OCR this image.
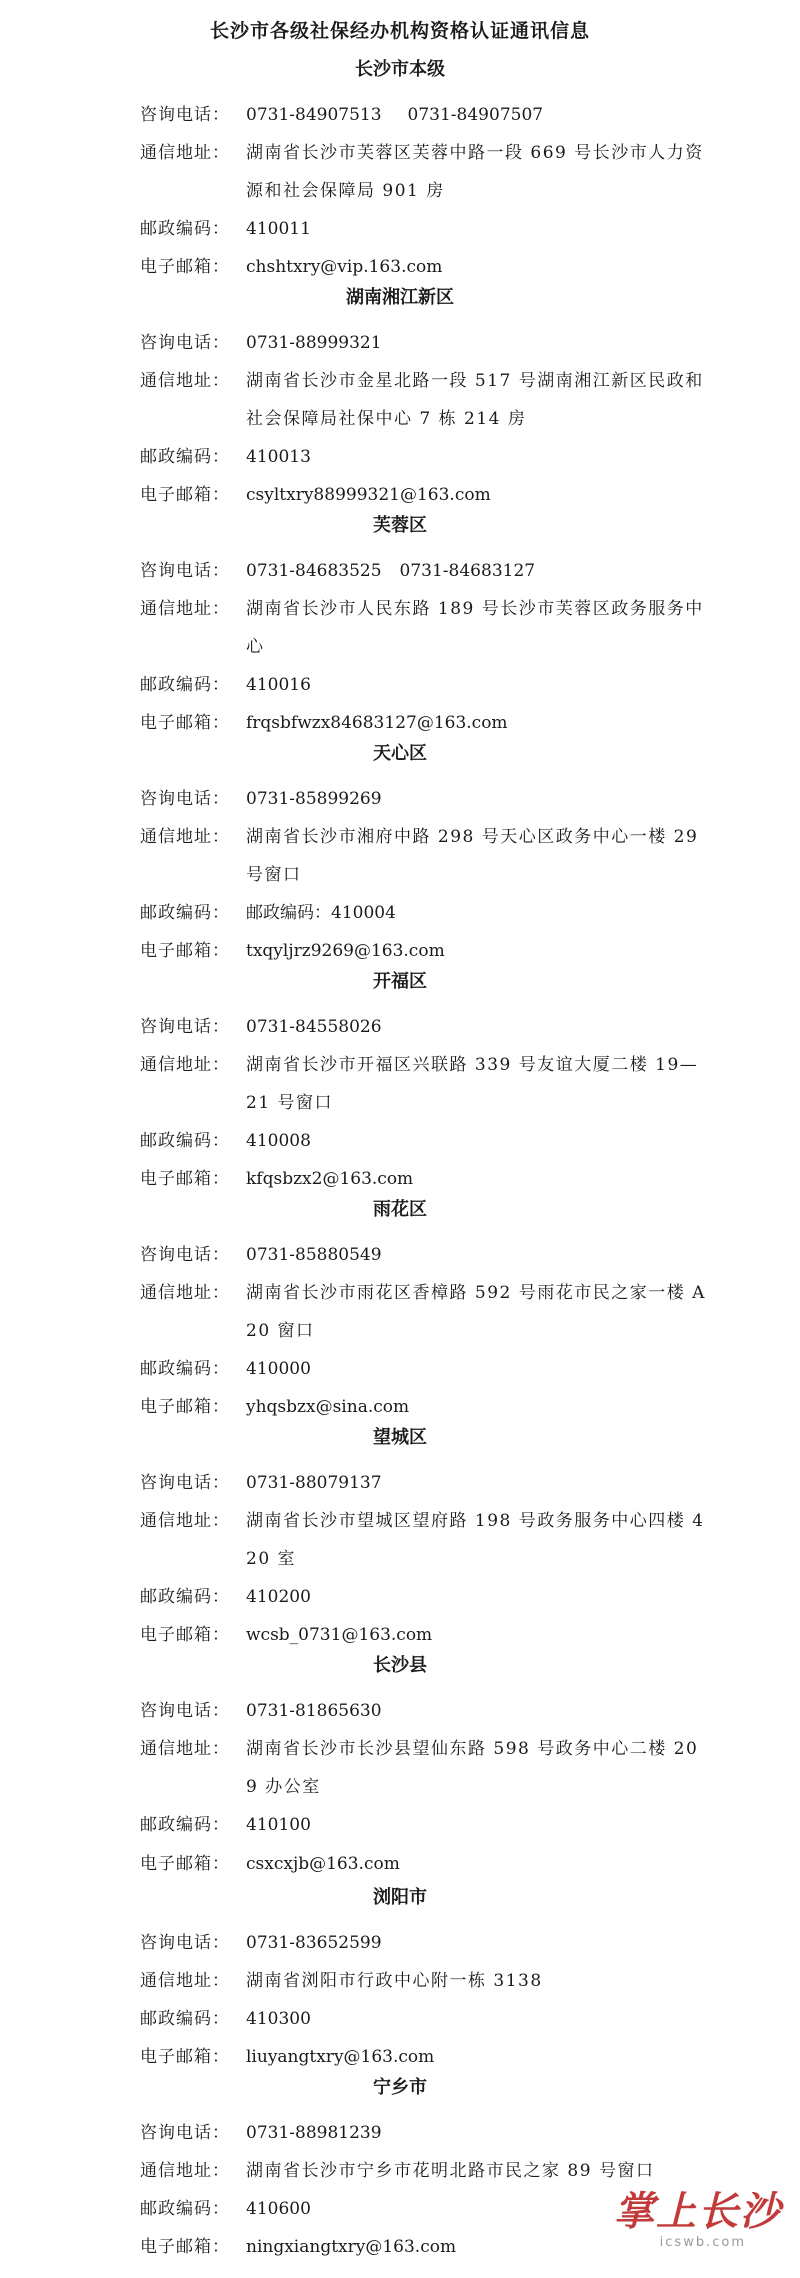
长沙市各级社保经办机构资格认证通讯信息
长沙市本级
咨询电话： 0731-84907513 0731-84907507
通信地址： 湖南省长沙市芙蓉区芙蓉中路一段 669 号长沙市人力资源和社会保障局 901 房
邮政编码： 410011
电子邮箱： chshtxry@vip.163.com
湖南湘江新区
咨询电话： 0731-88999321
通信地址： 湖南省长沙市金星北路一段 517 号湖南湘江新区民政和社会保障局社保中心 7 栋 214 房
邮政编码： 410013
电子邮箱： csyltxry88999321@163.com
芙蓉区
咨询电话： 0731-84683525 0731-84683127
通信地址： 湖南省长沙市人民东路 189 号长沙市芙蓉区政务服务中心
邮政编码： 410016
电子邮箱： frqsbfwzx84683127@163.com
天心区
咨询电话： 0731-85899269
通信地址： 湖南省长沙市湘府中路 298 号天心区政务中心一楼 29 号窗口
邮政编码： 邮政编码：410004
电子邮箱： txqyljrz9269@163.com
开福区
咨询电话： 0731-84558026
通信地址： 湖南省长沙市开福区兴联路 339 号友谊大厦二楼 19—21 号窗口
邮政编码： 410008
电子邮箱： kfqsbzx2@163.com
雨花区
咨询电话： 0731-85880549
通信地址： 湖南省长沙市雨花区香樟路 592 号雨花市民之家一楼 A20 窗口
邮政编码： 410000
电子邮箱： yhqsbzx@sina.com
望城区
咨询电话： 0731-88079137
通信地址： 湖南省长沙市望城区望府路 198 号政务服务中心四楼 420 室
邮政编码： 410200
电子邮箱： wcsb_0731@163.com
长沙县
咨询电话： 0731-81865630
通信地址： 湖南省长沙市长沙县望仙东路 598 号政务中心二楼 209 办公室
邮政编码： 410100
电子邮箱： csxcxjb@163.com
浏阳市
咨询电话： 0731-83652599
通信地址： 湖南省浏阳市行政中心附一栋 3138
邮政编码： 410300
电子邮箱： liuyangtxry@163.com
宁乡市
咨询电话： 0731-88981239
通信地址： 湖南省长沙市宁乡市花明北路市民之家 89 号窗口
邮政编码： 410600
电子邮箱： ningxiangtxry@163.com
掌上长沙
icswb.com
